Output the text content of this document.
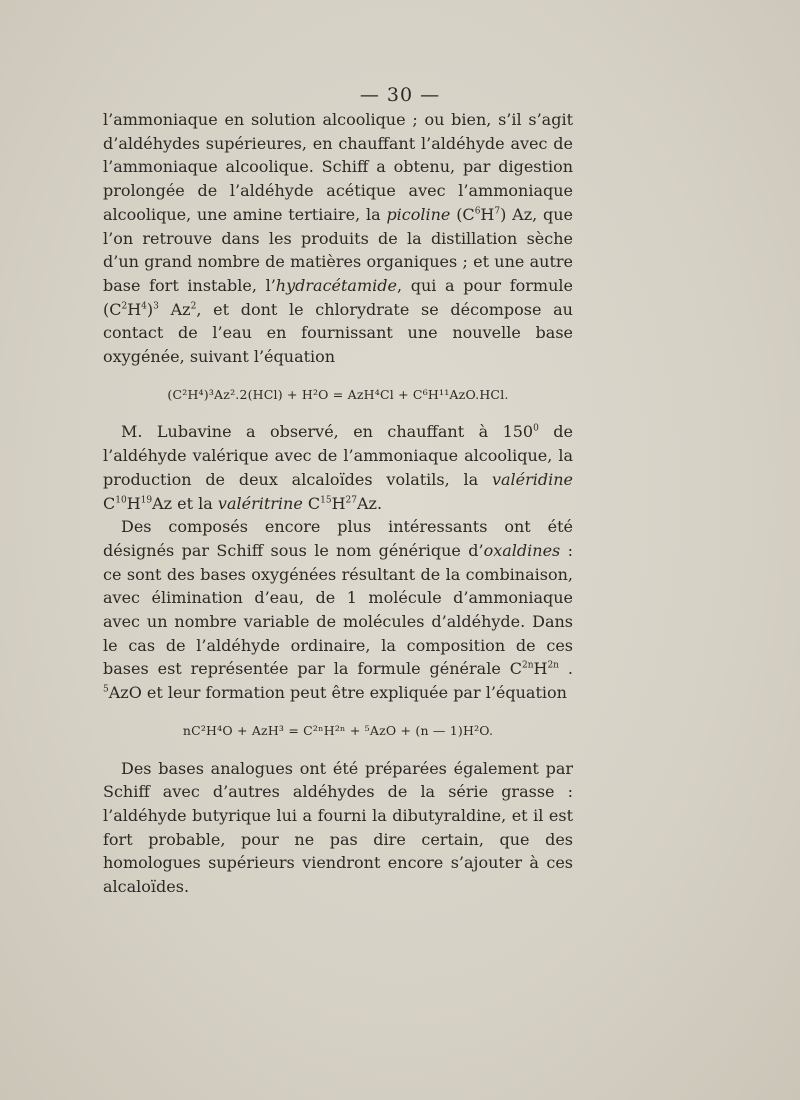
— 30 —

l’ammoniaque en solution alcoolique ; ou bien, s’il s’agit d’aldéhydes supérieures, en chauffant l’aldéhyde avec de l’ammoniaque alcoolique. Schiff a obtenu, par digestion prolongée de l’aldéhyde acétique avec l’ammoniaque alcoolique, une amine tertiaire, la picoline $(C^6H^7)$ Az, que l’on retrouve dans les produits de la distillation sèche d’un grand nombre de matières organiques ; et une autre base fort instable, l’hydracétamide, qui a pour formule $(C^2H^4)^3$ Az$^2$, et dont le chlorydrate se décompose au contact de l’eau en fournissant une nouvelle base oxygénée, suivant l’équation

(C²H⁴)³Az².2(HCl) + H²O = AzH⁴Cl + C⁶H¹¹AzO.HCl.

M. Lubavine a observé, en chauffant à $150^0$ de l’aldéhyde valérique avec de l’ammoniaque alcoolique, la production de deux alcaloïdes volatils, la valéridine $C^{10}H^{19}Az$ et la valéritrine $C^{15}H^{27}Az$.

Des composés encore plus intéressants ont été désignés par Schiff sous le nom générique d’oxaldines : ce sont des bases oxygénées résultant de la combinaison, avec élimination d’eau, de 1 molécule d’ammoniaque avec un nombre variable de molécules d’aldéhyde. Dans le cas de l’aldéhyde ordinaire, la composition de ces bases est représentée par la formule générale $C^{2n}H^{2n}$ . $^5$AzO et leur formation peut être expliquée par l’équation

nC²H⁴O + AzH³ = C²ⁿH²ⁿ + ⁵AzO + (n — 1)H²O.

Des bases analogues ont été préparées également par Schiff avec d’autres aldéhydes de la série grasse : l’aldéhyde butyrique lui a fourni la dibutyraldine, et il est fort probable, pour ne pas dire certain, que des homologues supérieurs viendront encore s’ajouter à ces alcaloïdes.
